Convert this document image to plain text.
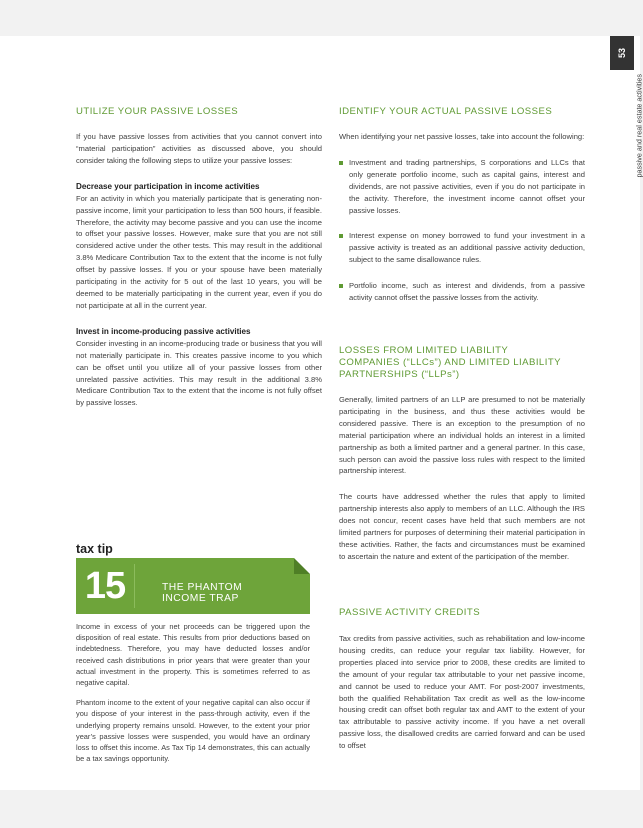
53
passive and real estate activities
UTILIZE YOUR PASSIVE LOSSES

If you have passive losses from activities that you cannot convert into “material participation” activities as discussed above, you should consider taking the following steps to utilize your passive losses:

Decrease your participation in income activities

For an activity in which you materially participate that is generating non-passive income, limit your participation to less than 500 hours, if feasible. Therefore, the activity may become passive and you can use the income to offset your passive losses. However, make sure that you are not still considered active under the other tests. This may result in the additional 3.8% Medicare Contribution Tax to the extent that the income is not fully offset by passive losses. If you or your spouse have been materially participating in the activity for 5 out of the last 10 years, you will be deemed to be materially participating in the current year, even if you do not participate at all in the current year.

Invest in income-producing passive activities

Consider investing in an income-producing trade or business that you will not materially participate in. This creates passive income to you which can be offset until you utilize all of your passive losses from other unrelated passive activities. This may result in the additional 3.8% Medicare Contribution Tax to the extent that the income is not fully offset by passive losses.

tax tip
15	THE PHANTOM
INCOME TRAP

Income in excess of your net proceeds can be triggered upon the disposition of real estate. This results from prior deductions based on indebtedness. Therefore, you may have deducted losses and/or received cash distributions in prior years that were greater than your actual investment in the property. This is sometimes referred to as negative capital.

Phantom income to the extent of your negative capital can also occur if you dispose of your interest in the pass-through activity, even if the underlying property remains unsold. However, to the extent your prior year’s passive losses were suspended, you would have an ordinary loss to offset this income. As Tax Tip 14 demonstrates, this can actually be a tax savings opportunity.

IDENTIFY YOUR ACTUAL PASSIVE LOSSES

When identifying your net passive losses, take into account the following:

Investment and trading partnerships, S corporations and LLCs that only generate portfolio income, such as capital gains, interest and dividends, are not passive activities, even if you do not participate in the activity. Therefore, the investment income cannot offset your passive losses.
Interest expense on money borrowed to fund your investment in a passive activity is treated as an additional passive activity deduction, subject to the same disallowance rules.
Portfolio income, such as interest and dividends, from a passive activity cannot offset the passive losses from the activity.
LOSSES FROM LIMITED LIABILITY
COMPANIES (“LLCs”) AND LIMITED LIABILITY
PARTNERSHIPS (“LLPs”)

Generally, limited partners of an LLP are presumed to not be materially participating in the business, and thus these activities would be considered passive. There is an exception to the presumption of no material participation where an individual holds an interest in a limited partnership as both a limited partner and a general partner. In this case, such person can avoid the passive loss rules with respect to the limited partnership interest.

The courts have addressed whether the rules that apply to limited partnership interests also apply to members of an LLC. Although the IRS does not concur, recent cases have held that such members are not limited partners for purposes of determining their material participation in these activities. Rather, the facts and circumstances must be examined to ascertain the nature and extent of the participation of the member.

PASSIVE ACTIVITY CREDITS

Tax credits from passive activities, such as rehabilitation and low-income housing credits, can reduce your regular tax liability. However, for properties placed into service prior to 2008, these credits are limited to the amount of your regular tax attributable to your net passive income, and cannot be used to reduce your AMT. For post-2007 investments, both the qualified Rehabilitation Tax credit as well as the low-income housing credit can offset both regular tax and AMT to the extent of your tax attributable to passive activity income. If you have a net overall passive loss, the disallowed credits are carried forward and can be used to offset
